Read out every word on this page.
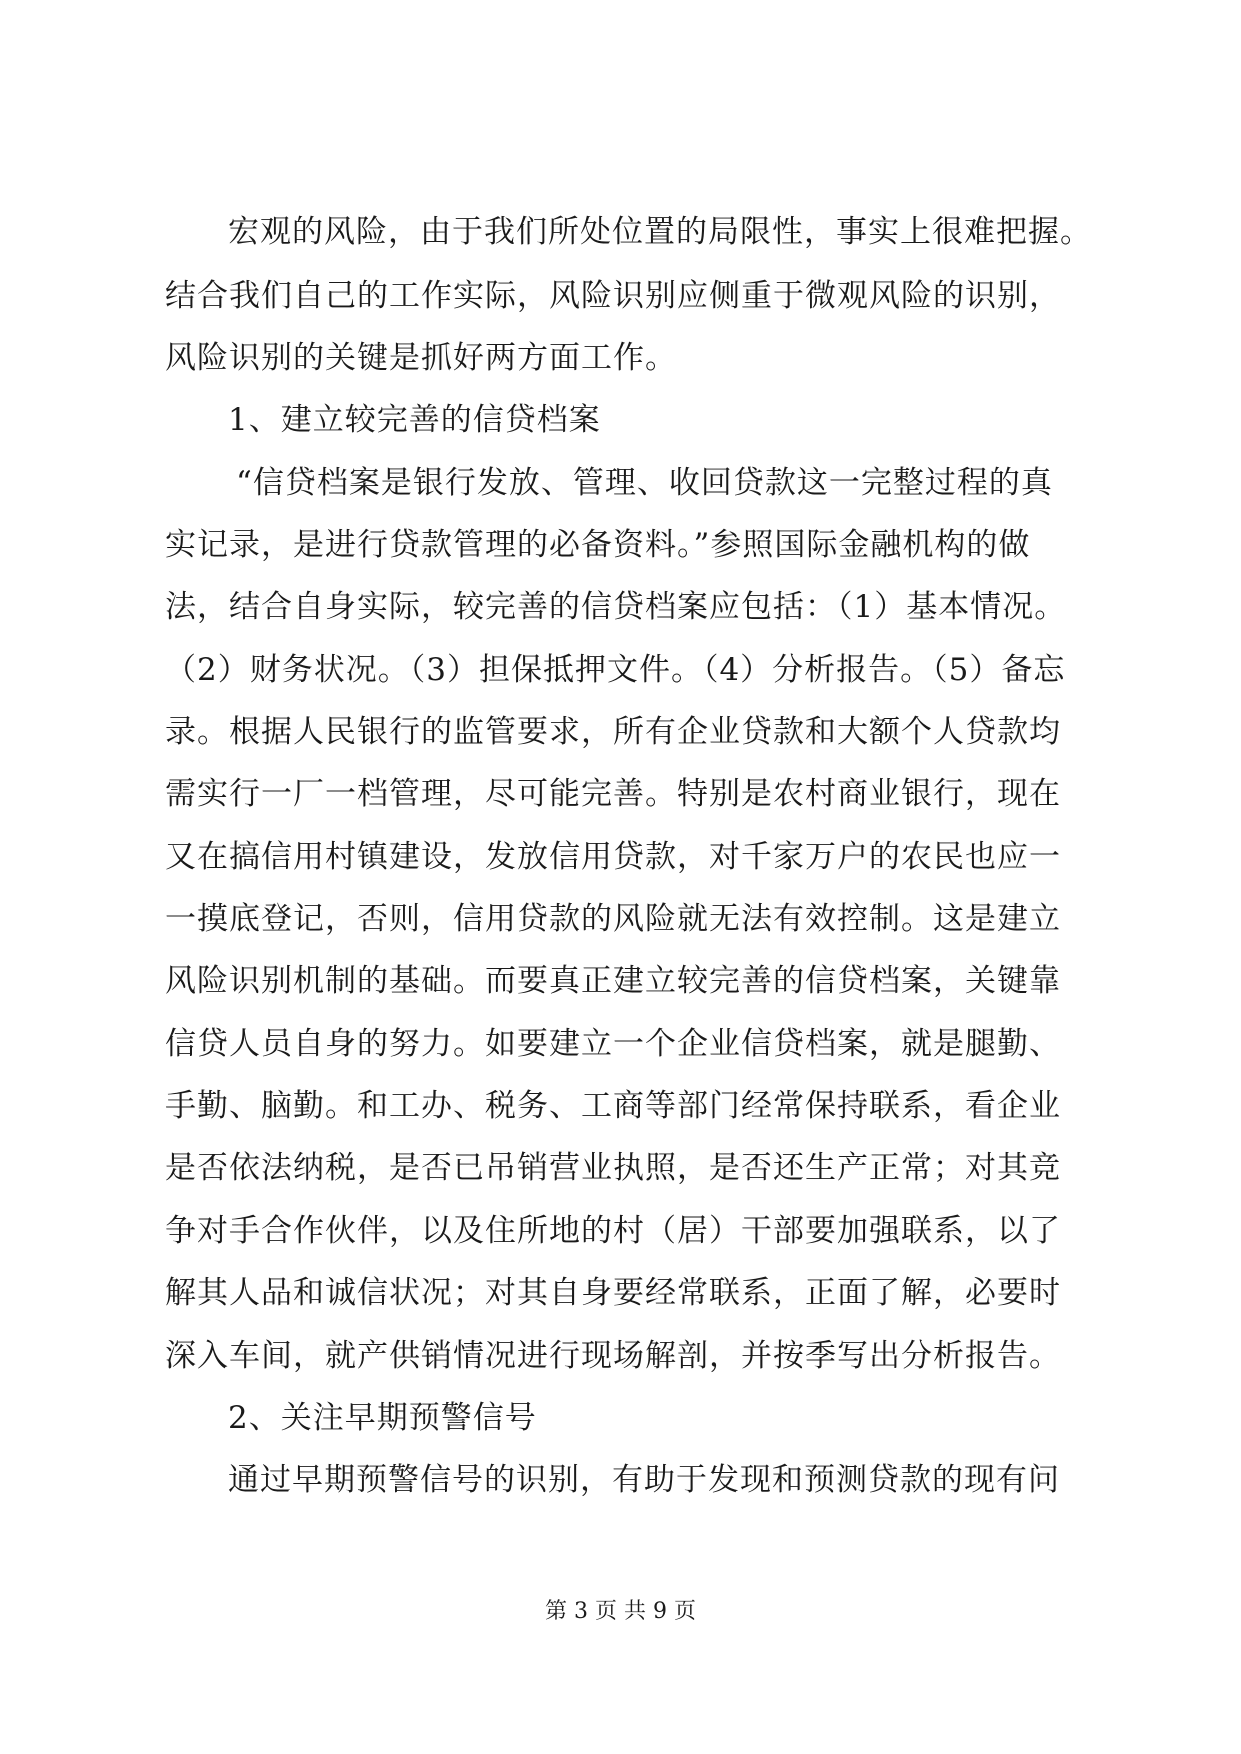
宏观的风险，由于我们所处位置的局限性，事实上很难把握。
结合我们自己的工作实际，风险识别应侧重于微观风险的识别，
风险识别的关键是抓好两方面工作。
1、建立较完善的信贷档案
“信贷档案是银行发放、管理、收回贷款这一完整过程的真
实记录，是进行贷款管理的必备资料。”参照国际金融机构的做
法，结合自身实际，较完善的信贷档案应包括：（1）基本情况。
（2）财务状况。（3）担保抵押文件。（4）分析报告。（5）备忘
录。根据人民银行的监管要求，所有企业贷款和大额个人贷款均
需实行一厂一档管理，尽可能完善。特别是农村商业银行，现在
又在搞信用村镇建设，发放信用贷款，对千家万户的农民也应一
一摸底登记，否则，信用贷款的风险就无法有效控制。这是建立
风险识别机制的基础。而要真正建立较完善的信贷档案，关键靠
信贷人员自身的努力。如要建立一个企业信贷档案，就是腿勤、
手勤、脑勤。和工办、税务、工商等部门经常保持联系，看企业
是否依法纳税，是否已吊销营业执照，是否还生产正常；对其竞
争对手合作伙伴，以及住所地的村（居）干部要加强联系，以了
解其人品和诚信状况；对其自身要经常联系，正面了解，必要时
深入车间，就产供销情况进行现场解剖，并按季写出分析报告。
2、关注早期预警信号
通过早期预警信号的识别，有助于发现和预测贷款的现有问
第 3 页 共 9 页
